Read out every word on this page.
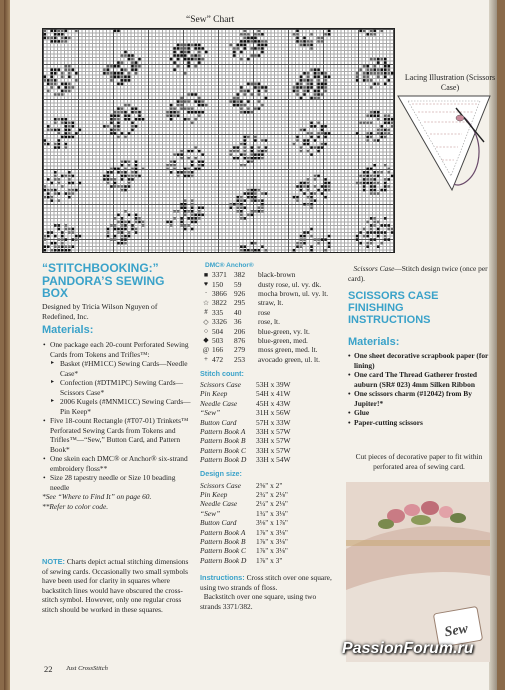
“Sew” Chart
Lacing Illustration (Scissors Case)
“STITCHBOOKING:” PANDORA’S SEWING BOX
Designed by Tricia Wilson Nguyen of Redefined, Inc.
Materials:
• One package each 20-count Perforated Sewing Cards from Tokens and Trifles™:
▸ Basket (#HM1CC) Sewing Cards—Needle Case*
▸ Confection (#DTM1PC) Sewing Cards—Scissors Case*
▸ 2006 Kugels (#MNM1CC) Sewing Cards—Pin Keep*
• Five 18-count Rectangle (#T07-01) Trinkets™ Perforated Sewing Cards from Tokens and Trifles™—“Sew,” Button Card, and Pattern Book*
• One skein each DMC® or Anchor® six-strand embroidery floss**
• Size 28 tapestry needle or Size 10 beading needle
*See “Where to Find It” on page 60.
**Refer to color code.
NOTE: Charts depict actual stitching dimensions of sewing cards. Occasionally two small symbols have been used for clarity in squares where backstitch lines would have obscured the cross-stitch symbol. However, only one regular cross stitch should be worked in these squares.
22 Just CrossStitch
DMC® Anchor®
■ 3371 382	black-brown
♥ 150	59	dusty rose, ul. vy. dk.
· 3866 926	mocha brown, ul. vy. lt.
☆ 3822 295	straw, lt.
# 335	40	rose
◇ 3326 36	rose, lt.
○ 504	206	blue-green, vy. lt.
◆ 503	876	blue-green, med.
@ 166	279	moss green, med. lt.
+ 472	253	avocado green, ul. lt.
Stitch count:
Scissors Case	53H x 39W
Pin Keep	54H x 41W
Needle Case	45H x 43W
“Sew”	31H x 56W
Button Card	57H x 33W
Pattern Book A	33H x 57W
Pattern Book B	33H x 57W
Pattern Book C	33H x 57W
Pattern Book D	33H x 54W
Design size:
Scissors Case	2⅝" x 2"
Pin Keep	2¾" x 2⅛"
Needle Case	2¼" x 2⅛"
“Sew”	1¾" x 3⅛"
Button Card	3⅛" x 1⅞"
Pattern Book A	1⅞" x 3⅛"
Pattern Book B	1⅞" x 3⅛"
Pattern Book C	1⅞" x 3⅛"
Pattern Book D	1⅞" x 3"
Instructions: Cross stitch over one square, using two strands of floss.
Backstitch over one square, using two strands 3371/382.
Scissors Case—Stitch design twice (once per card).
SCISSORS CASE FINISHING INSTRUCTIONS
Materials:
• One sheet decorative scrapbook paper (for lining)
• One card The Thread Gatherer frosted auburn (SR# 023) 4mm Silken Ribbon
• One scissors charm (#12042) from By Jupiter!*
• Glue
• Paper-cutting scissors
Cut pieces of decorative paper to fit within perforated area of sewing card.
Sew
PassionForum.ru
